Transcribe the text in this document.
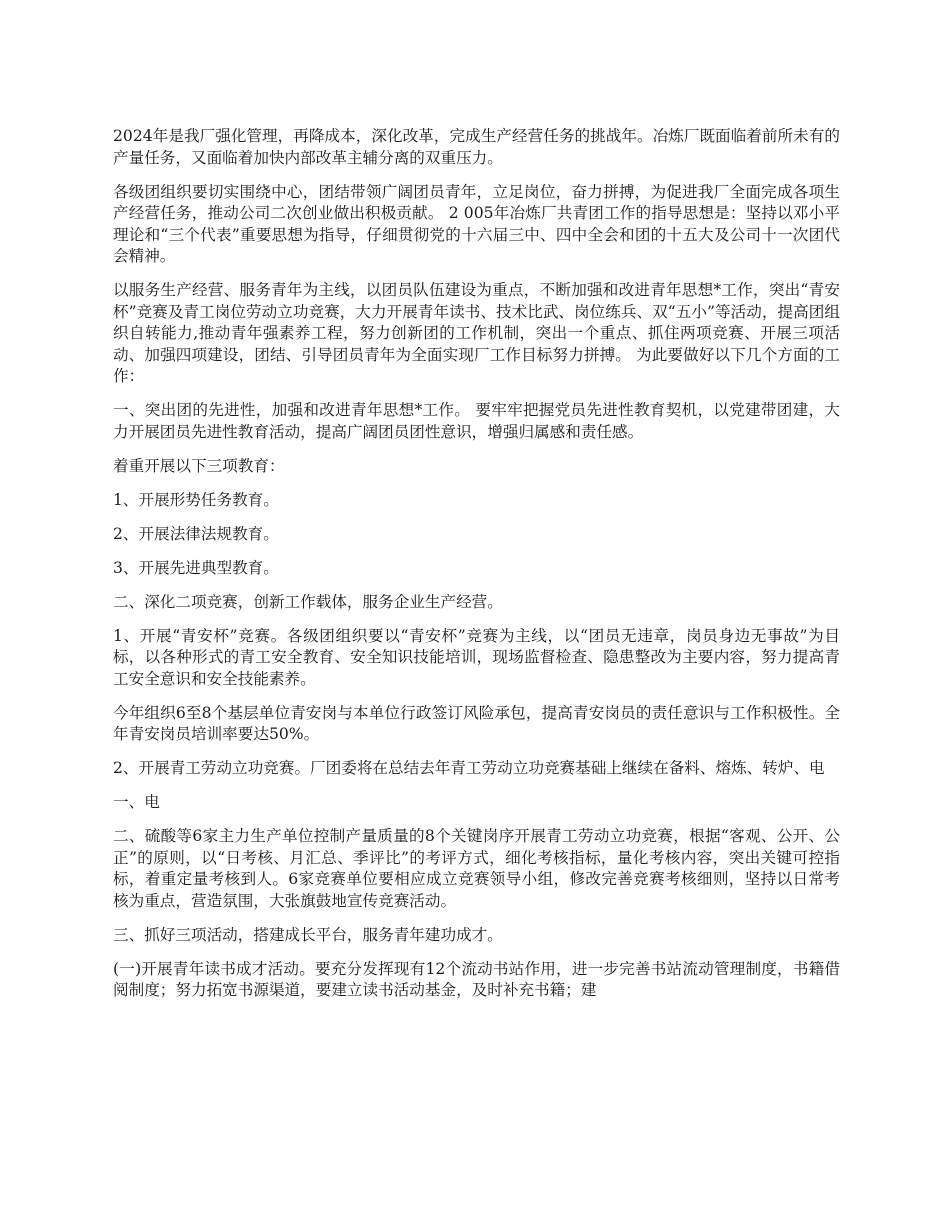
2024年是我厂强化管理，再降成本，深化改革，完成生产经营任务的挑战年。冶炼厂既面临着前所未有的产量任务，又面临着加快内部改革主辅分离的双重压力。

各级团组织要切实围绕中心，团结带领广阔团员青年，立足岗位，奋力拼搏，为促进我厂全面完成各项生产经营任务，推动公司二次创业做出积极贡献。 2 005年冶炼厂共青团工作的指导思想是：坚持以邓小平理论和“三个代表”重要思想为指导，仔细贯彻党的十六届三中、四中全会和团的十五大及公司十一次团代会精神。

以服务生产经营、服务青年为主线，以团员队伍建设为重点，不断加强和改进青年思想*工作，突出“青安杯”竞赛及青工岗位劳动立功竞赛，大力开展青年读书、技术比武、岗位练兵、双“五小”等活动，提高团组织自转能力,推动青年强素养工程，努力创新团的工作机制，突出一个重点、抓住两项竞赛、开展三项活动、加强四项建设，团结、引导团员青年为全面实现厂工作目标努力拼搏。 为此要做好以下几个方面的工作：

一、突出团的先进性，加强和改进青年思想*工作。 要牢牢把握党员先进性教育契机，以党建带团建，大力开展团员先进性教育活动，提高广阔团员团性意识，增强归属感和责任感。

着重开展以下三项教育：

1、开展形势任务教育。

2、开展法律法规教育。

3、开展先进典型教育。

二、深化二项竞赛，创新工作载体，服务企业生产经营。

1、开展“青安杯”竞赛。各级团组织要以“青安杯”竞赛为主线，以“团员无违章，岗员身边无事故”为目标，以各种形式的青工安全教育、安全知识技能培训，现场监督检查、隐患整改为主要内容，努力提高青工安全意识和安全技能素养。

今年组织6至8个基层单位青安岗与本单位行政签订风险承包，提高青安岗员的责任意识与工作积极性。全年青安岗员培训率要达50%。

2、开展青工劳动立功竞赛。厂团委将在总结去年青工劳动立功竞赛基础上继续在备料、熔炼、转炉、电

一、电

二、硫酸等6家主力生产单位控制产量质量的8个关键岗序开展青工劳动立功竞赛，根据“客观、公开、公正”的原则，以“日考核、月汇总、季评比”的考评方式，细化考核指标，量化考核内容，突出关键可控指标，着重定量考核到人。6家竞赛单位要相应成立竞赛领导小组，修改完善竞赛考核细则，坚持以日常考核为重点，营造氛围，大张旗鼓地宣传竞赛活动。

三、抓好三项活动，搭建成长平台，服务青年建功成才。

(一)开展青年读书成才活动。要充分发挥现有12个流动书站作用，进一步完善书站流动管理制度，书籍借阅制度；努力拓宽书源渠道，要建立读书活动基金，及时补充书籍；建
